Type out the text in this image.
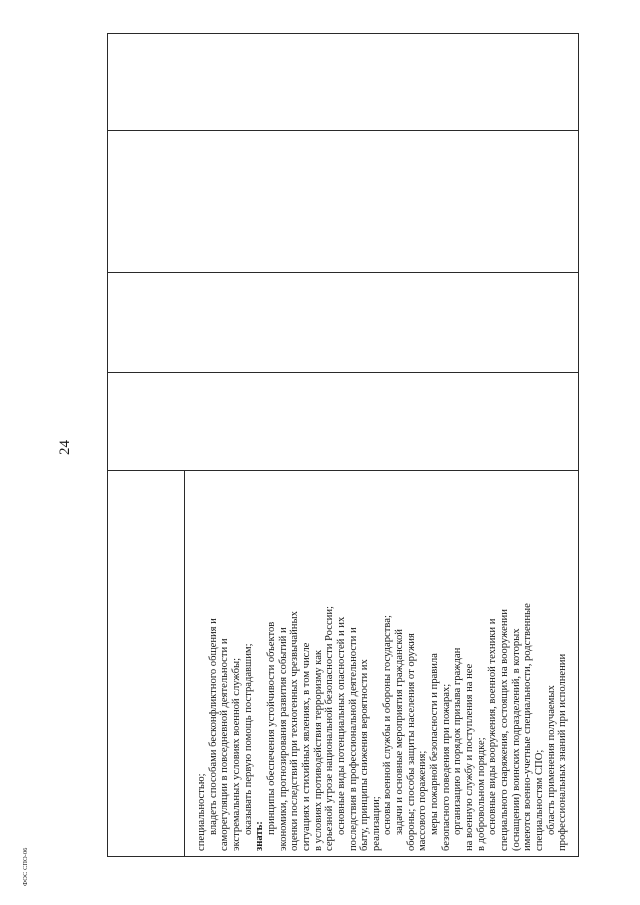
специальностью; владеть способами бесконфликтного общения и саморегуляции в повседневной деятельности и экстремальных условиях военной службы; оказывать первую помощь пострадавшим;
знать:
принципы обеспечения устойчивости объектов экономики, прогнозирования развития событий и оценки последствий при техногенных чрезвычайных ситуациях и стихийных явлениях, в том числе в условиях противодействия терроризму как серьезной угрозе национальной безопасности России; основные виды потенциальных опасностей и их последствия в профессиональной деятельности и быту, принципы снижения вероятности их реализации; основы военной службы и обороны государства; задачи и основные мероприятия гражданской обороны; способы защиты населения от оружия массового поражения; меры пожарной безопасности и правила безопасного поведения при пожарах; организацию и порядок призыва граждан на военную службу и поступления на нее в добровольном порядке; основные виды вооружения, военной техники и специального снаряжения, состоящих на вооружении (оснащении) воинских подразделений, в которых имеются военно-учетные специальности, родственные специальностям СПО; область применения получаемых профессиональных знаний при исполнении
24
ФОС СПО-06
